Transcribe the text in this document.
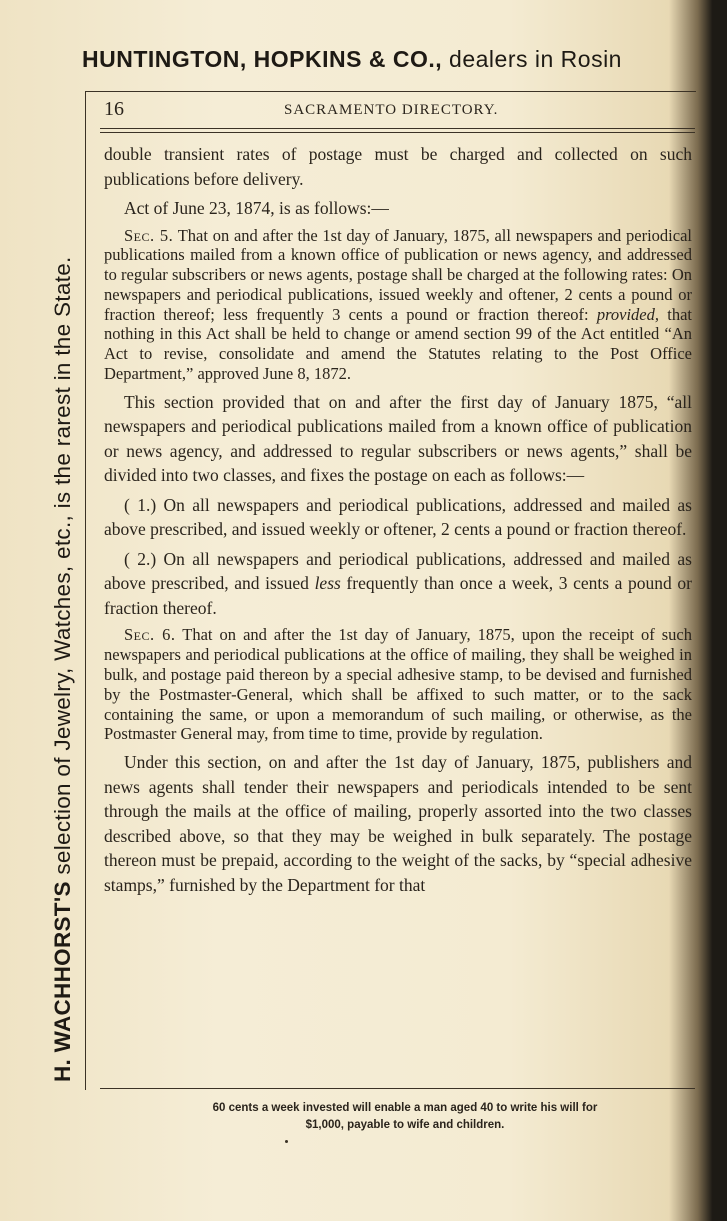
HUNTINGTON, HOPKINS & CO., dealers in Rosin
H. WACHHORST'S selection of Jewelry, Watches, etc., is the rarest in the State.
16	SACRAMENTO DIRECTORY.

double transient rates of postage must be charged and collected on such publications before delivery.

Act of June 23, 1874, is as follows:—

Sec. 5. That on and after the 1st day of January, 1875, all newspapers and periodical publications mailed from a known office of publication or news agency, and addressed to regular subscribers or news agents, postage shall be charged at the following rates: On newspapers and periodical publications, issued weekly and oftener, 2 cents a pound or fraction thereof; less frequently 3 cents a pound or fraction thereof: provided, that nothing in this Act shall be held to change or amend section 99 of the Act entitled “An Act to revise, consolidate and amend the Statutes relating to the Post Office Department,” approved June 8, 1872.

This section provided that on and after the first day of January 1875, “all newspapers and periodical publications mailed from a known office of publication or news agency, and addressed to regular subscribers or news agents,” shall be divided into two classes, and fixes the postage on each as follows:—

( 1.) On all newspapers and periodical publications, addressed and mailed as above prescribed, and issued weekly or oftener, 2 cents a pound or fraction thereof.

( 2.) On all newspapers and periodical publications, addressed and mailed as above prescribed, and issued less frequently than once a week, 3 cents a pound or fraction thereof.

Sec. 6. That on and after the 1st day of January, 1875, upon the receipt of such newspapers and periodical publications at the office of mailing, they shall be weighed in bulk, and postage paid thereon by a special adhesive stamp, to be devised and furnished by the Postmaster-General, which shall be affixed to such matter, or to the sack containing the same, or upon a memorandum of such mailing, or otherwise, as the Postmaster General may, from time to time, provide by regulation.

Under this section, on and after the 1st day of January, 1875, publishers and news agents shall tender their newspapers and periodicals intended to be sent through the mails at the office of mailing, properly assorted into the two classes described above, so that they may be weighed in bulk separately. The postage thereon must be prepaid, according to the weight of the sacks, by “special adhesive stamps,” furnished by the Department for that

60 cents a week invested will enable a man aged 40 to write his will for
$1,000, payable to wife and children.
